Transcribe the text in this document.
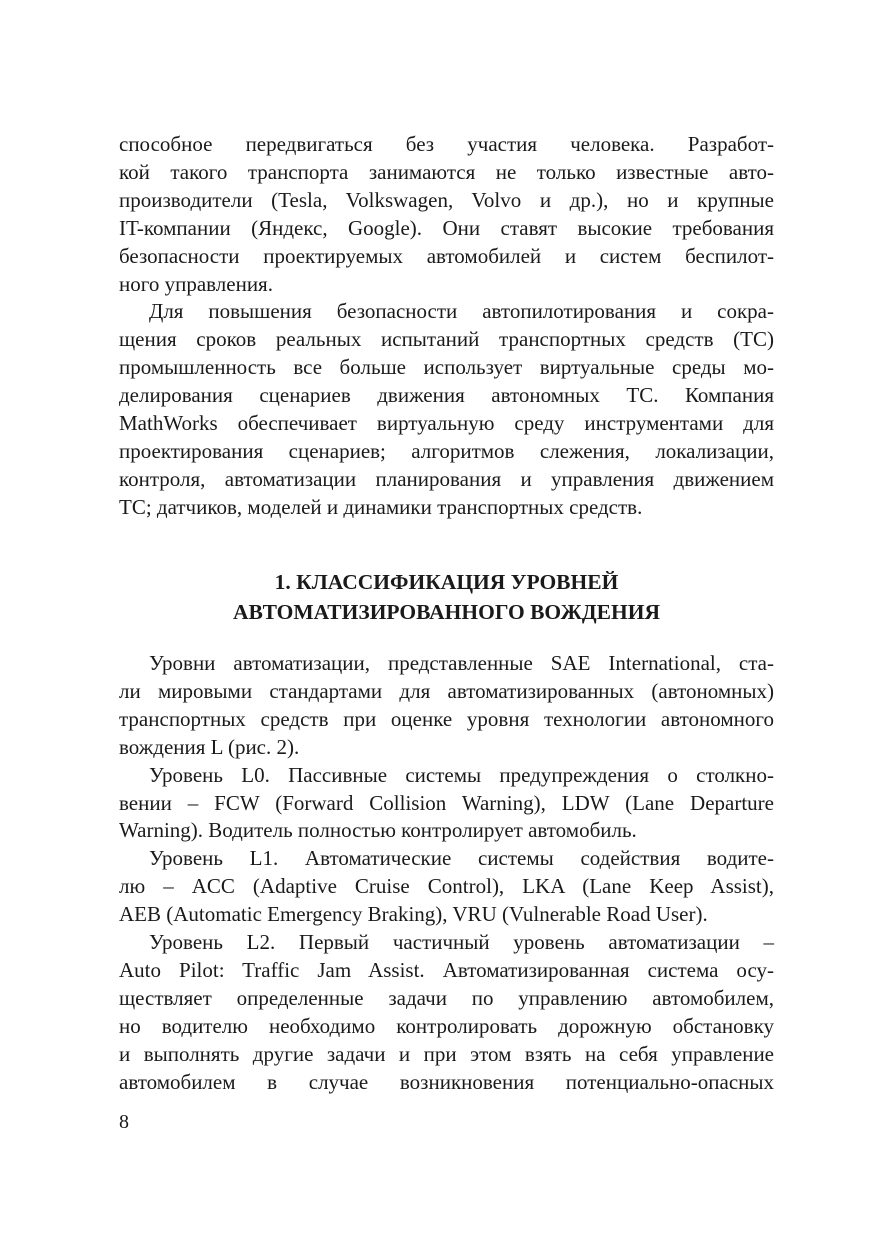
способное передвигаться без участия человека. Разработ-
кой такого транспорта занимаются не только известные авто-
производители (Tesla, Volkswagen, Volvo и др.), но и крупные
IT-компании (Яндекс, Google). Они ставят высокие требования
безопасности проектируемых автомобилей и систем беспилот-
ного управления.
Для повышения безопасности автопилотирования и сокра-
щения сроков реальных испытаний транспортных средств (ТС)
промышленность все больше использует виртуальные среды мо-
делирования сценариев движения автономных ТС. Компания
MathWorks обеспечивает виртуальную среду инструментами для
проектирования сценариев; алгоритмов слежения, локализации,
контроля, автоматизации планирования и управления движением
ТС; датчиков, моделей и динамики транспортных средств.
1. КЛАССИФИКАЦИЯ УРОВНЕЙ
АВТОМАТИЗИРОВАННОГО ВОЖДЕНИЯ
Уровни автоматизации, представленные SAE International, ста-
ли мировыми стандартами для автоматизированных (автономных)
транспортных средств при оценке уровня технологии автономного
вождения L (рис. 2).
Уровень L0. Пассивные системы предупреждения о столкно-
вении – FCW (Forward Collision Warning), LDW (Lane Departure
Warning). Водитель полностью контролирует автомобиль.
Уровень L1. Автоматические системы содействия водите-
лю – ACC (Adaptive Cruise Control), LKA (Lane Keep Assist),
AEB (Automatic Emergency Braking), VRU (Vulnerable Road User).
Уровень L2. Первый частичный уровень автоматизации –
Auto Pilot: Traffic Jam Assist. Автоматизированная система осу-
ществляет определенные задачи по управлению автомобилем,
но водителю необходимо контролировать дорожную обстановку
и выполнять другие задачи и при этом взять на себя управление
автомобилем в случае возникновения потенциально-опасных
8
